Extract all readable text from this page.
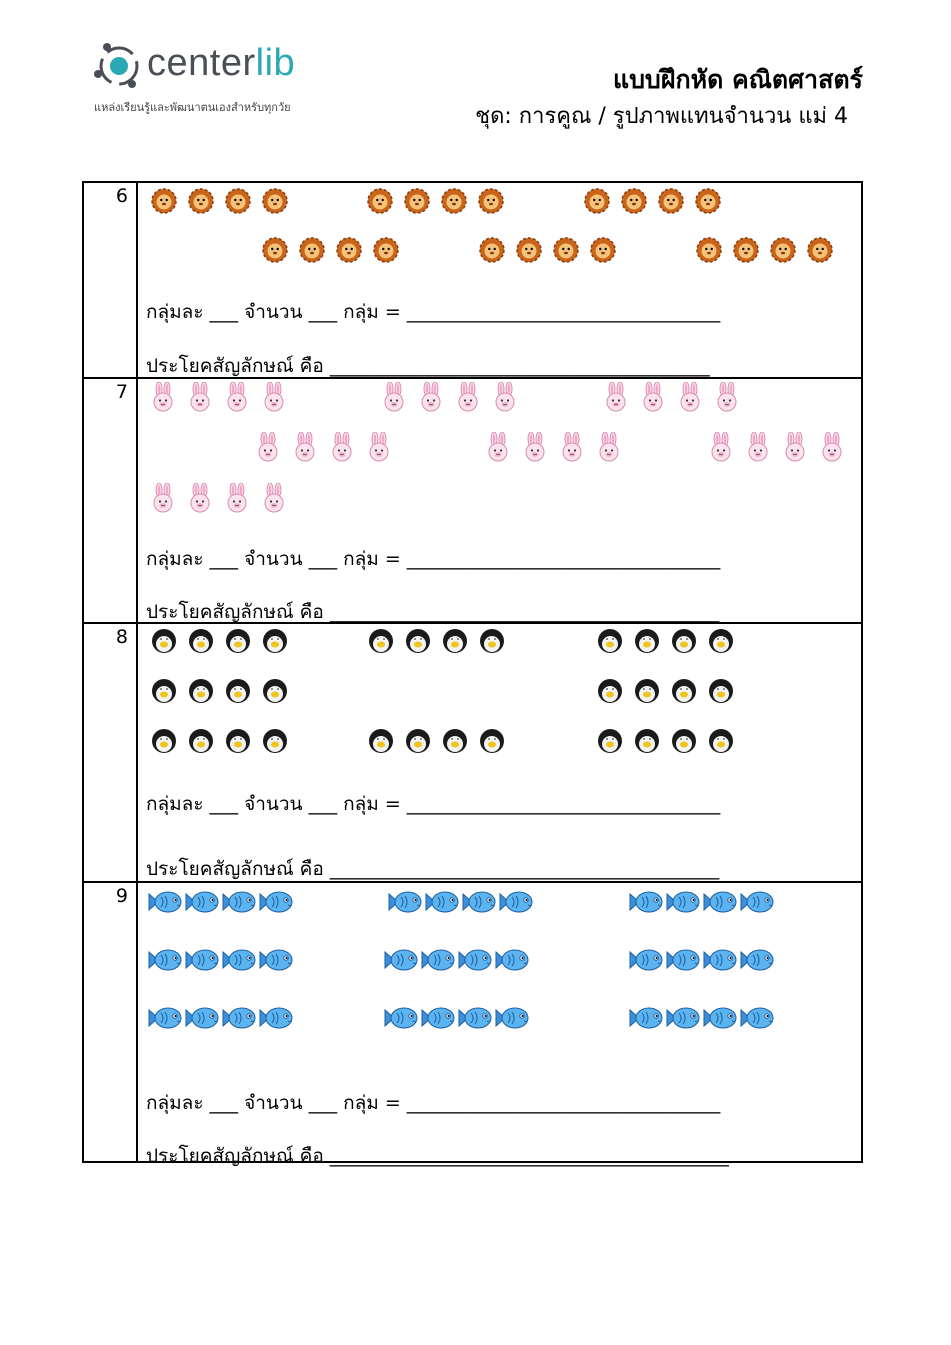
centerlib
แหล่งเรียนรู้และพัฒนาตนเองสำหรับทุกวัย
แบบฝึกหัด คณิตศาสตร์
ชุด: การคูณ / รูปภาพแทนจำนวน แม่ 4
6
กลุ่มละ ___ จำนวน ___ กลุ่ม = _________________________________
ประโยคสัญลักษณ์ คือ ________________________________________
7
กลุ่มละ ___ จำนวน ___ กลุ่ม = _________________________________
ประโยคสัญลักษณ์ คือ _________________________________________
8
กลุ่มละ ___ จำนวน ___ กลุ่ม = _________________________________
ประโยคสัญลักษณ์ คือ _________________________________________
9
กลุ่มละ ___ จำนวน ___ กลุ่ม = _________________________________
ประโยคสัญลักษณ์ คือ __________________________________________
